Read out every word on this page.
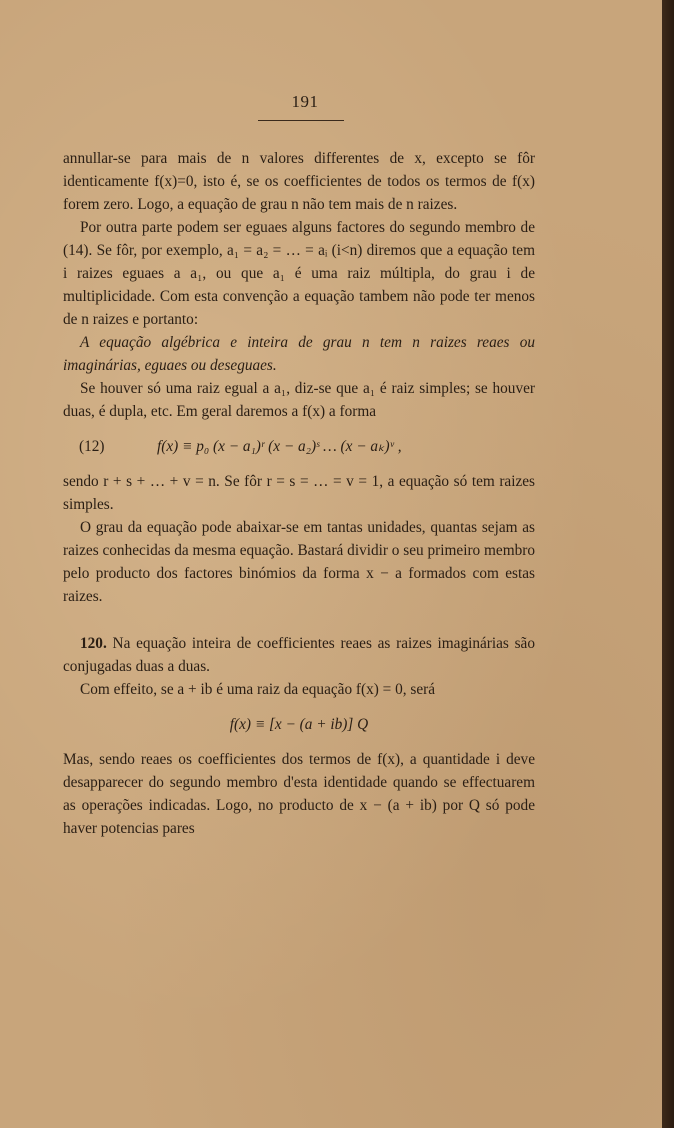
191

annullar-se para mais de n valores differentes de x, excepto se fôr identicamente f(x)=0, isto é, se os coefficientes de todos os termos de f(x) forem zero. Logo, a equação de grau n não tem mais de n raizes.

Por outra parte podem ser eguaes alguns factores do segundo membro de (14). Se fôr, por exemplo, a₁ = a₂ = … = aᵢ (i<n) diremos que a equação tem i raizes eguaes a a₁, ou que a₁ é uma raiz múltipla, do grau i de multiplicidade. Com esta convenção a equação tambem não pode ter menos de n raizes e portanto:

A equação algébrica e inteira de grau n tem n raizes reaes ou imaginárias, eguaes ou deseguaes.

Se houver só uma raiz egual a a₁, diz-se que a₁ é raiz simples; se houver duas, é dupla, etc. Em geral daremos a f(x) a forma

(12)	f(x) ≡ p₀ (x − a₁)ʳ (x − a₂)ˢ … (x − aₖ)ᵛ ,

sendo r + s + … + v = n. Se fôr r = s = … = v = 1, a equação só tem raizes simples.

O grau da equação pode abaixar-se em tantas unidades, quantas sejam as raizes conhecidas da mesma equação. Bastará dividir o seu primeiro membro pelo producto dos factores binómios da forma x − a formados com estas raizes.

120. Na equação inteira de coefficientes reaes as raizes imaginárias são conjugadas duas a duas.

Com effeito, se a + ib é uma raiz da equação f(x) = 0, será

f(x) ≡ [x − (a + ib)] Q

Mas, sendo reaes os coefficientes dos termos de f(x), a quantidade i deve desapparecer do segundo membro d'esta identidade quando se effectuarem as operações indicadas. Logo, no producto de x − (a + ib) por Q só pode haver potencias pares
